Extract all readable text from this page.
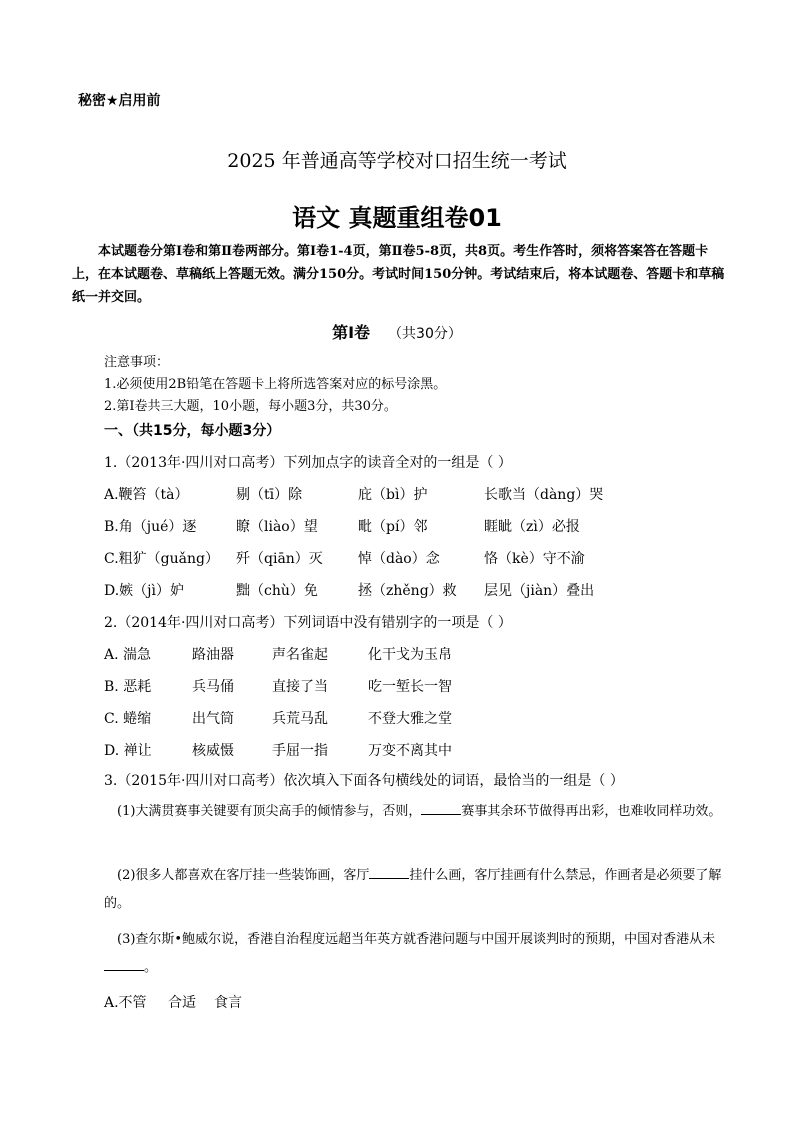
秘密★启用前
2025 年普通高等学校对口招生统一考试
语文 真题重组卷01
本试题卷分第Ⅰ卷和第Ⅱ卷两部分。第Ⅰ卷1-4页，第Ⅱ卷5-8页，共8页。考生作答时，须将答案答在答题卡上，在本试题卷、草稿纸上答题无效。满分150分。考试时间150分钟。考试结束后，将本试题卷、答题卡和草稿纸一并交回。
第Ⅰ卷 （共30分）
注意事项：
1.必须使用2B铅笔在答题卡上将所选答案对应的标号涂黑。
2.第Ⅰ卷共三大题，10小题，每小题3分，共30分。
一、（共15分，每小题3分）
1.（2013年·四川对口高考）下列加点字的读音全对的一组是（ ）
A.鞭笞（tà）	剔（tī）除	庇（bì）护	长歌当（dàng）哭
B.角（jué）逐	瞭（liào）望	毗（pí）邻	睚眦（zì）必报
C.粗犷（guǎng）	歼（qiān）灭	悼（dào）念	恪（kè）守不渝
D.嫉（jì）妒	黜（chù）免	拯（zhěng）救	层见（jiàn）叠出
2.（2014年·四川对口高考）下列词语中没有错别字的一项是（ ）
A. 湍急	路油器	声名雀起	化干戈为玉帛
B. 恶耗	兵马俑	直接了当	吃一堑长一智
C. 蜷缩	出气筒	兵荒马乱	不登大雅之堂
D. 禅让	核威慑	手屈一指	万变不离其中
3.（2015年·四川对口高考）依次填入下面各句横线处的词语，最恰当的一组是（ ）
(1)大满贯赛事关键要有顶尖高手的倾情参与，否则，	赛事其余环节做得再出彩，也难收同样功效。
(2)很多人都喜欢在客厅挂一些装饰画，客厅	挂什么画，客厅挂画有什么禁忌，作画者是必须要了解的。
(3)查尔斯•鲍威尔说，香港自治程度远超当年英方就香港问题与中国开展谈判时的预期，中国对香港从未。
A.不管	合适	食言
